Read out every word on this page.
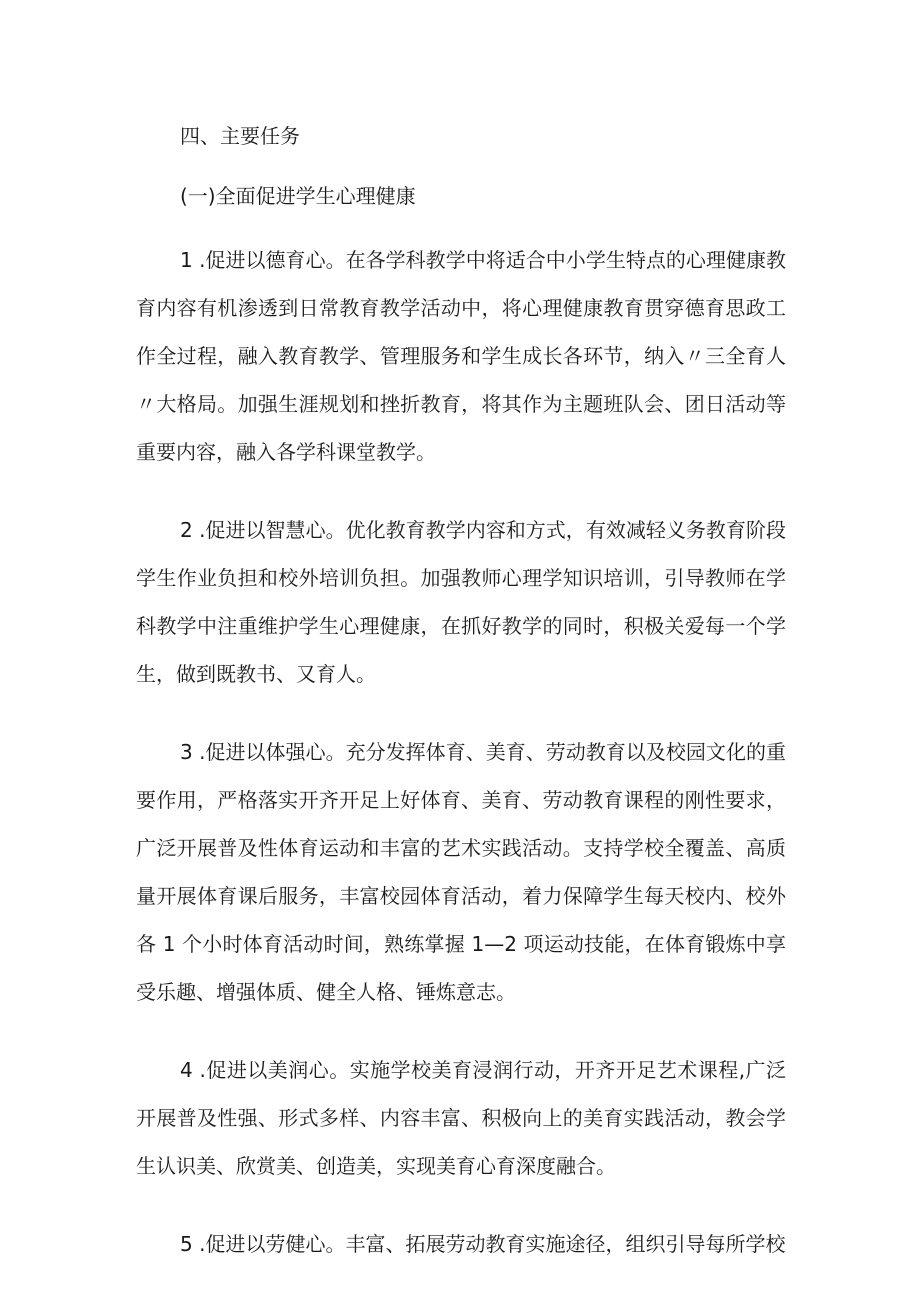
四、主要任务

(一)全面促进学生心理健康

1 .促进以德育心。在各学科教学中将适合中小学生特点的心理健康教育内容有机渗透到日常教育教学活动中，将心理健康教育贯穿德育思政工作全过程，融入教育教学、管理服务和学生成长各环节，纳入〃三全育人〃大格局。加强生涯规划和挫折教育，将其作为主题班队会、团日活动等重要内容，融入各学科课堂教学。

2 .促进以智慧心。优化教育教学内容和方式，有效减轻义务教育阶段学生作业负担和校外培训负担。加强教师心理学知识培训，引导教师在学科教学中注重维护学生心理健康，在抓好教学的同时，积极关爱每一个学生，做到既教书、又育人。

3 .促进以体强心。充分发挥体育、美育、劳动教育以及校园文化的重要作用，严格落实开齐开足上好体育、美育、劳动教育课程的刚性要求，广泛开展普及性体育运动和丰富的艺术实践活动。支持学校全覆盖、高质量开展体育课后服务，丰富校园体育活动，着力保障学生每天校内、校外各 1 个小时体育活动时间，熟练掌握 1—2 项运动技能，在体育锻炼中享受乐趣、增强体质、健全人格、锤炼意志。

4 .促进以美润心。实施学校美育浸润行动，开齐开足艺术课程,广泛开展普及性强、形式多样、内容丰富、积极向上的美育实践活动，教会学生认识美、欣赏美、创造美，实现美育心育深度融合。

5 .促进以劳健心。丰富、拓展劳动教育实施途径，组织引导每所学校
